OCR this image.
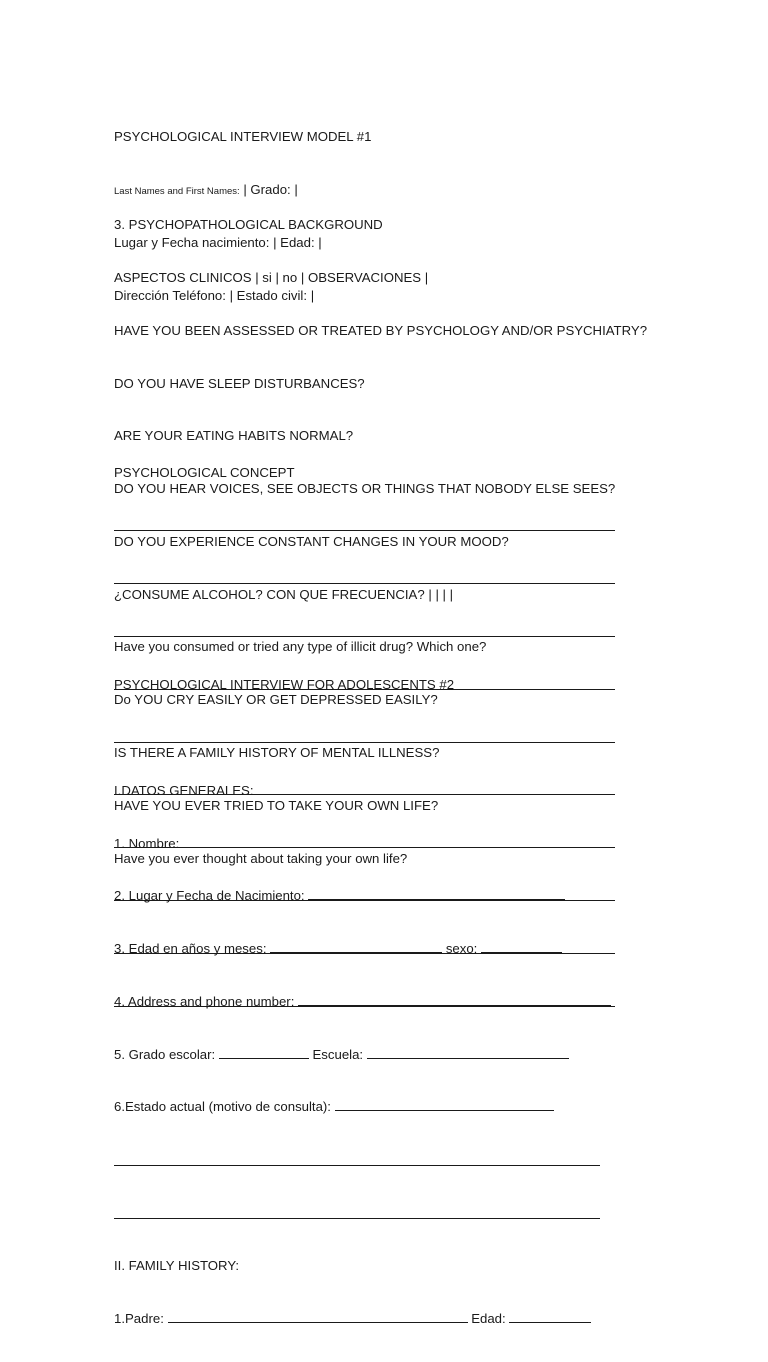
PSYCHOLOGICAL INTERVIEW MODEL #1

Last Names and First Names: | Grado: |

Lugar y Fecha nacimiento: | Edad: |

Dirección Teléfono: | Estado civil: |

3. PSYCHOPATHOLOGICAL BACKGROUND

ASPECTOS CLINICOS | si | no | OBSERVACIONES |

HAVE YOU BEEN ASSESSED OR TREATED BY PSYCHOLOGY AND/OR PSYCHIATRY?

DO YOU HAVE SLEEP DISTURBANCES?

ARE YOUR EATING HABITS NORMAL?

DO YOU HEAR VOICES, SEE OBJECTS OR THINGS THAT NOBODY ELSE SEES?

DO YOU EXPERIENCE CONSTANT CHANGES IN YOUR MOOD?

¿CONSUME ALCOHOL? CON QUE FRECUENCIA? | | | |

Have you consumed or tried any type of illicit drug? Which one?

Do YOU CRY EASILY OR GET DEPRESSED EASILY?

IS THERE A FAMILY HISTORY OF MENTAL ILLNESS?

HAVE YOU EVER TRIED TO TAKE YOUR OWN LIFE?

Have you ever thought about taking your own life?

PSYCHOLOGICAL CONCEPT

PSYCHOLOGICAL INTERVIEW FOR ADOLESCENTS #2

I.DATOS GENERALES:

1. Nombre:

2. Lugar y Fecha de Nacimiento:

3. Edad en años y meses:	sexo:

4. Address and phone number:

5. Grado escolar:	Escuela:

6.Estado actual (motivo de consulta):

II. FAMILY HISTORY:

1.Padre:	Edad:
